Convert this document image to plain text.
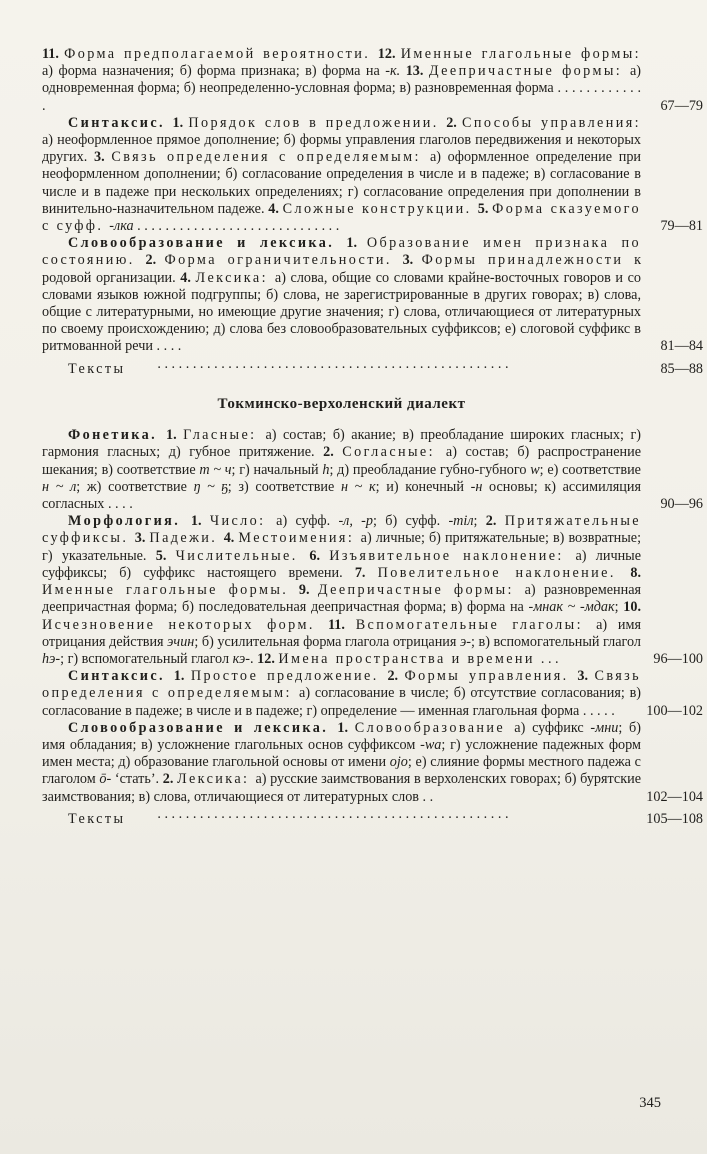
11. Форма предполагаемой вероятности. 12. Именные глагольные формы: а) форма назначения; б) форма признака; в) форма на -к. 13. Деепричастные формы: а) одновременная форма; б) неопределенно-условная форма; в) разновременная форма . . . . . . . . . . . . .	67—79
Синтаксис. 1. Порядок слов в предложении. 2. Способы управления: а) неоформленное прямое дополнение; б) формы управления глаголов передвижения и некоторых других. 3. Связь определения с определяемым: а) оформленное определение при неоформленном дополнении; б) согласование определения в числе и в падеже; в) согласование в числе и в падеже при нескольких определениях; г) согласование определения при дополнении в винительно-назначительном падеже. 4. Сложные конструкции. 5. Форма сказуемого с суфф. -лка . . . . . . . . . . . . . . . . . . . . . . . . . . . . .	79—81
Словообразование и лексика. 1. Образование имен признака по состоянию. 2. Форма ограничительности. 3. Формы принадлежности к родовой организации. 4. Лексика: а) слова, общие со словами крайне-восточных говоров и со словами языков южной подгруппы; б) слова, не зарегистрированные в других говорах; в) слова, общие с литературными, но имеющие другие значения; г) слова, отличающиеся от литературных по своему происхождению; д) слова без словообразовательных суффиксов; е) слоговой суффикс в ритмованной речи . . . .	81—84
Тексты . . . . . . . . . . . . . . . . . . . . . . . . . . . . . . . . . . . . . . . . . . . . . . . . . .	85—88
Токминско-верхоленский диалект
Фонетика. 1. Гласные: а) состав; б) акание; в) преобладание широких гласных; г) гармония гласных; д) губное притяжение. 2. Согласные: а) состав; б) распространение шекания; в) соответствие т ~ ч; г) начальный h; д) преобладание губно-губного w; е) соответствие н ~ л; ж) соответствие ŋ ~ ҕ; з) соответствие н ~ к; и) конечный -н основы; к) ассимиляция согласных . . . .	90—96
Морфология. 1. Число: а) суфф. -л, -р; б) суфф. -тіл; 2. Притяжательные суффиксы. 3. Падежи. 4. Местоимения: а) личные; б) притяжательные; в) возвратные; г) указательные. 5. Числительные. 6. Изъявительное наклонение: а) личные суффиксы; б) суффикс настоящего времени. 7. Повелительное наклонение. 8. Именные глагольные формы. 9. Деепричастные формы: а) разновременная деепричастная форма; б) последовательная деепричастная форма; в) форма на -мнак ~ -мдак; 10. Исчезновение некоторых форм. 11. Вспомогательные глаголы: а) имя отрицания действия эчин; б) усилительная форма глагола отрицания э-; в) вспомогательный глагол hэ-; г) вспомогательный глагол кэ-. 12. Имена пространства и времени . . .	96—100
Синтаксис. 1. Простое предложение. 2. Формы управления. 3. Связь определения с определяемым: а) согласование в числе; б) отсутствие согласования; в) согласование в падеже; в числе и в падеже; г) определение — именная глагольная форма . . . . . 100—102
Словообразование и лексика. 1. Словообразование а) суффикс -мни; б) имя обладания; в) усложнение глагольных основ суффиксом -wа; г) усложнение падежных форм имен места; д) образование глагольной основы от имени оjо; е) слияние формы местного падежа с глаголом ō- ‘стать’. 2. Лексика: а) русские заимствования в верхоленских говорах; б) бурятские заимствования; в) слова, отличающиеся от литературных слов . .	102—104
Тексты . . . . . . . . . . . . . . . . . . . . . . . . . . . . . . . . . . . . . . . . . . . . . . . . . .	105—108
345
